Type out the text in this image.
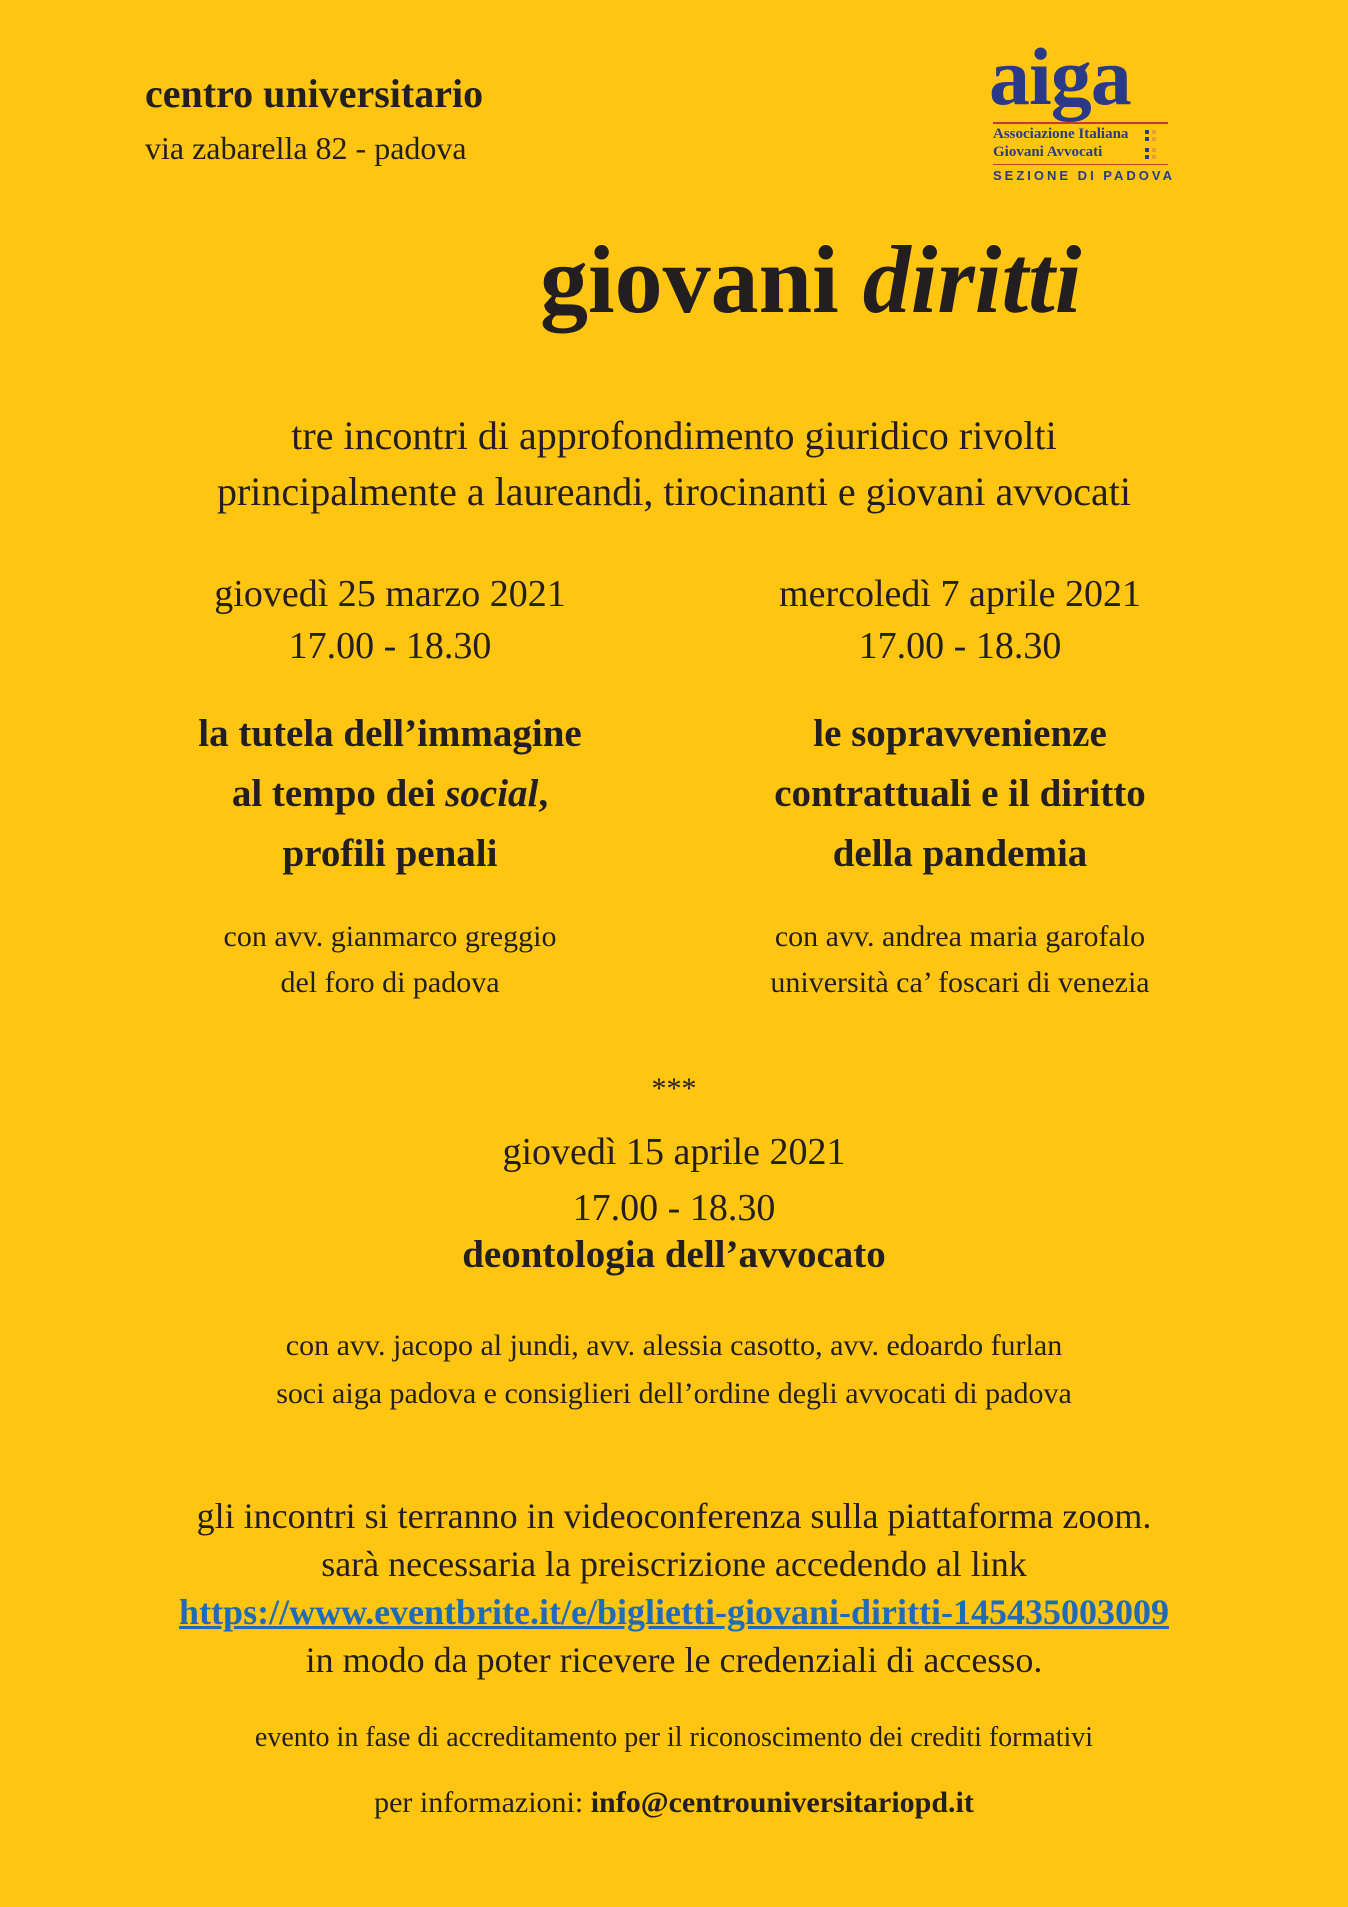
centro universitario
via zabarella 82 - padova
aiga
Associazione Italiana
Giovani Avvocati
SEZIONE DI PADOVA
giovani diritti
tre incontri di approfondimento giuridico rivolti
principalmente a laureandi, tirocinanti e giovani avvocati
giovedì 25 marzo 2021
17.00 - 18.30
la tutela dell’immagine
al tempo dei social,
profili penali
con avv. gianmarco greggio
del foro di padova
mercoledì 7 aprile 2021
17.00 - 18.30
le sopravvenienze
contrattuali e il diritto
della pandemia
con avv. andrea maria garofalo
università ca’ foscari di venezia
***
giovedì 15 aprile 2021
17.00 - 18.30
deontologia dell’avvocato
con avv. jacopo al jundi, avv. alessia casotto, avv. edoardo furlan
soci aiga padova e consiglieri dell’ordine degli avvocati di padova
gli incontri si terranno in videoconferenza sulla piattaforma zoom.
sarà necessaria la preiscrizione accedendo al link
https://www.eventbrite.it/e/biglietti-giovani-diritti-145435003009
in modo da poter ricevere le credenziali di accesso.
evento in fase di accreditamento per il riconoscimento dei crediti formativi
per informazioni: info@centrouniversitariopd.it
